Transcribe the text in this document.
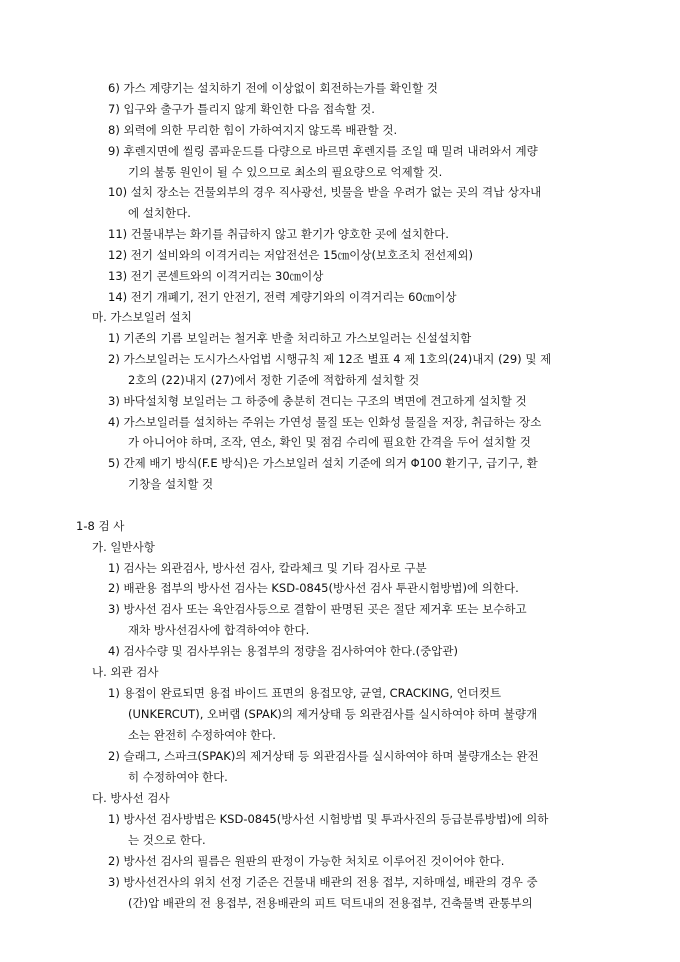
6) 가스 계량기는 설치하기 전에 이상없이 회전하는가를 확인할 것
7) 입구와 출구가 틀리지 않게 확인한 다음 접속할 것.
8) 외력에 의한 무리한 힘이 가하여지지 않도록 배관할 것.
9) 후렌지면에 씰링 콤파운드를 다량으로 바르면 후렌지를 조일 때 밀려 내려와서 계량
기의 불통 원인이 될 수 있으므로 최소의 필요량으로 억제할 것.
10) 설치 장소는 건물외부의 경우 직사광선, 빗물을 받을 우려가 없는 곳의 격납 상자내
에 설치한다.
11) 건물내부는 화기를 취급하지 않고 환기가 양호한 곳에 설치한다.
12) 전기 설비와의 이격거리는 저압전선은 15㎝이상(보호조치 전선제외)
13) 전기 콘센트와의 이격거리는 30㎝이상
14) 전기 개폐기, 전기 안전기, 전력 계량기와의 이격거리는 60㎝이상
마. 가스보일러 설치
1) 기존의 기름 보일러는 철거후 반출 처리하고 가스보일러는 신설설치함
2) 가스보일러는 도시가스사업법 시행규칙 제 12조 별표 4 제 1호의(24)내지 (29) 및 제
2호의 (22)내지 (27)에서 정한 기준에 적합하게 설치할 것
3) 바닥설치형 보일러는 그 하중에 충분히 견디는 구조의 벽면에 견고하게 설치할 것
4) 가스보일러를 설치하는 주위는 가연성 물질 또는 인화성 물질을 저장, 취급하는 장소
가 아니어야 하며, 조작, 연소, 확인 및 점검 수리에 필요한 간격을 두어 설치할 것
5) 간제 배기 방식(F.E 방식)은 가스보일러 설치 기준에 의거 Φ100 환기구, 급기구, 환
기창을 설치할 것
1-8 검 사
가. 일반사항
1) 검사는 외관검사, 방사선 검사, 칼라체크 및 기타 검사로 구분
2) 배관용 접부의 방사선 검사는 KSD-0845(방사선 검사 투관시험방법)에 의한다.
3) 방사선 검사 또는 육안검사등으로 결함이 판명된 곳은 절단 제거후 또는 보수하고
재차 방사선검사에 합격하여야 한다.
4) 검사수량 및 검사부위는 용접부의 정량을 검사하여야 한다.(중압관)
나. 외관 검사
1) 용접이 완료되면 용접 바이드 표면의 용접모양, 균열, CRACKING, 언더컷트
(UNKERCUT), 오버랩 (SPAK)의 제거상태 등 외관검사를 실시하여야 하며 불량개
소는 완전히 수정하여야 한다.
2) 슬래그, 스파크(SPAK)의 제거상태 등 외관검사를 실시하여야 하며 불량개소는 완전
히 수정하여야 한다.
다. 방사선 검사
1) 방사선 검사방법은 KSD-0845(방사선 시험방법 및 투과사진의 등급분류방법)에 의하
는 것으로 한다.
2) 방사선 검사의 필름은 원판의 판정이 가능한 처치로 이루어진 것이어야 한다.
3) 방사선건사의 위치 선정 기준은 건물내 배관의 전용 접부, 지하매설, 배관의 경우 중
(간)압 배관의 전 용접부, 전용배관의 피트 덕트내의 전용접부, 건축물벽 관통부의
